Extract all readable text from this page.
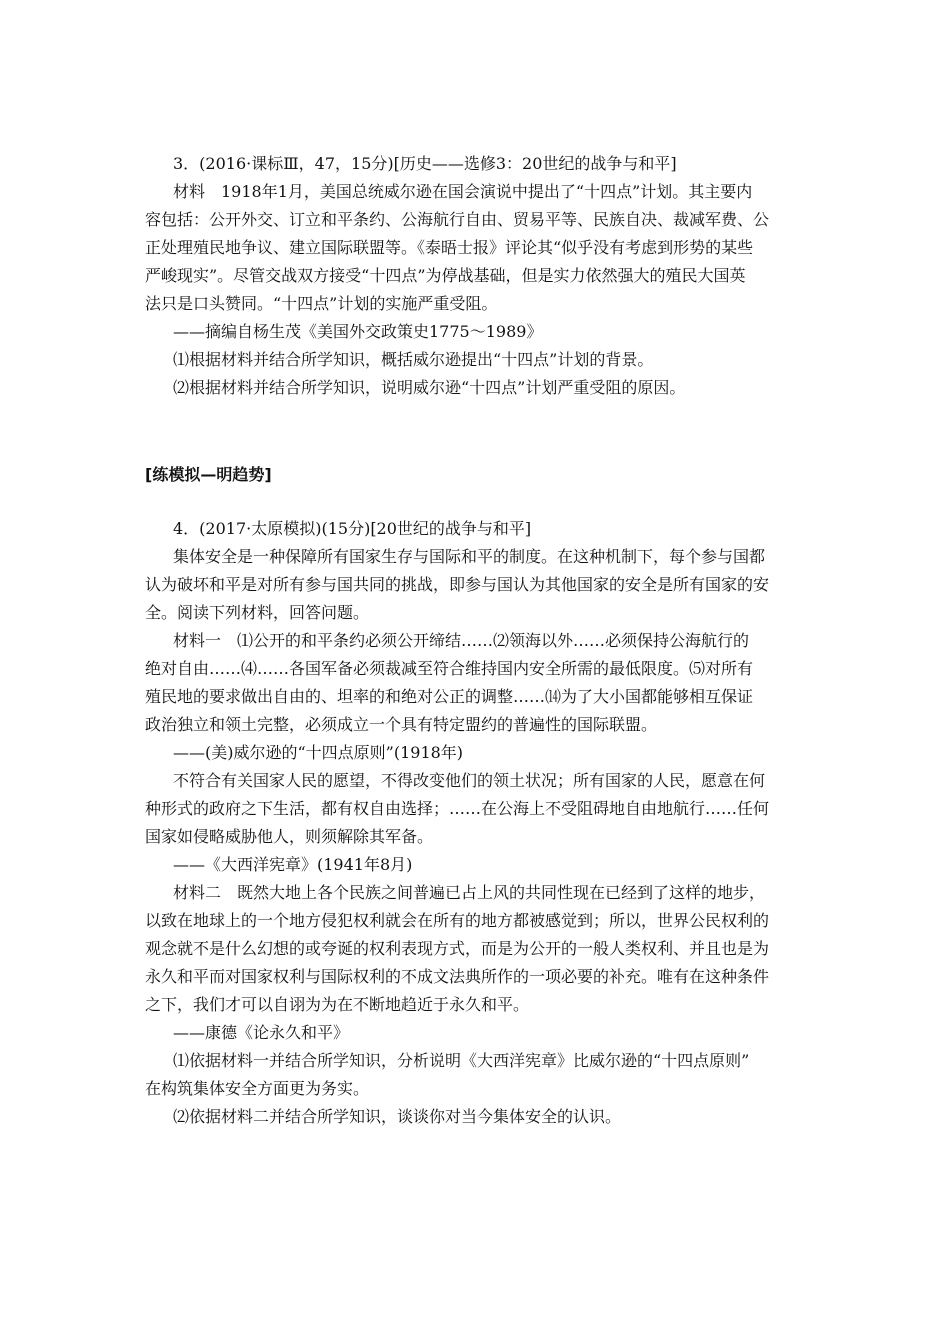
3．(2016·课标Ⅲ，47，15分)[历史——选修3：20世纪的战争与和平]
材料　1918年1月，美国总统威尔逊在国会演说中提出了“十四点”计划。其主要内
容包括：公开外交、订立和平条约、公海航行自由、贸易平等、民族自决、裁减军费、公
正处理殖民地争议、建立国际联盟等。《泰晤士报》评论其“似乎没有考虑到形势的某些
严峻现实”。尽管交战双方接受“十四点”为停战基础，但是实力依然强大的殖民大国英
法只是口头赞同。“十四点”计划的实施严重受阻。
——摘编自杨生茂《美国外交政策史1775～1989》
⑴根据材料并结合所学知识，概括威尔逊提出“十四点”计划的背景。
⑵根据材料并结合所学知识，说明威尔逊“十四点”计划严重受阻的原因。
[练模拟—明趋势]
4．(2017·太原模拟)(15分)[20世纪的战争与和平]
集体安全是一种保障所有国家生存与国际和平的制度。在这种机制下，每个参与国都
认为破坏和平是对所有参与国共同的挑战，即参与国认为其他国家的安全是所有国家的安
全。阅读下列材料，回答问题。
材料一　⑴公开的和平条约必须公开缔结……⑵领海以外……必须保持公海航行的
绝对自由……⑷……各国军备必须裁减至符合维持国内安全所需的最低限度。⑸对所有
殖民地的要求做出自由的、坦率的和绝对公正的调整……⒁为了大小国都能够相互保证
政治独立和领土完整，必须成立一个具有特定盟约的普遍性的国际联盟。
——(美)威尔逊的“十四点原则”(1918年)
不符合有关国家人民的愿望，不得改变他们的领土状况；所有国家的人民，愿意在何
种形式的政府之下生活，都有权自由选择；……在公海上不受阻碍地自由地航行……任何
国家如侵略威胁他人，则须解除其军备。
——《大西洋宪章》(1941年8月)
材料二　既然大地上各个民族之间普遍已占上风的共同性现在已经到了这样的地步，
以致在地球上的一个地方侵犯权利就会在所有的地方都被感觉到；所以，世界公民权利的
观念就不是什么幻想的或夸诞的权利表现方式，而是为公开的一般人类权利、并且也是为
永久和平而对国家权利与国际权利的不成文法典所作的一项必要的补充。唯有在这种条件
之下，我们才可以自诩为为在不断地趋近于永久和平。
——康德《论永久和平》
⑴依据材料一并结合所学知识，分析说明《大西洋宪章》比威尔逊的“十四点原则”
在构筑集体安全方面更为务实。
⑵依据材料二并结合所学知识，谈谈你对当今集体安全的认识。
